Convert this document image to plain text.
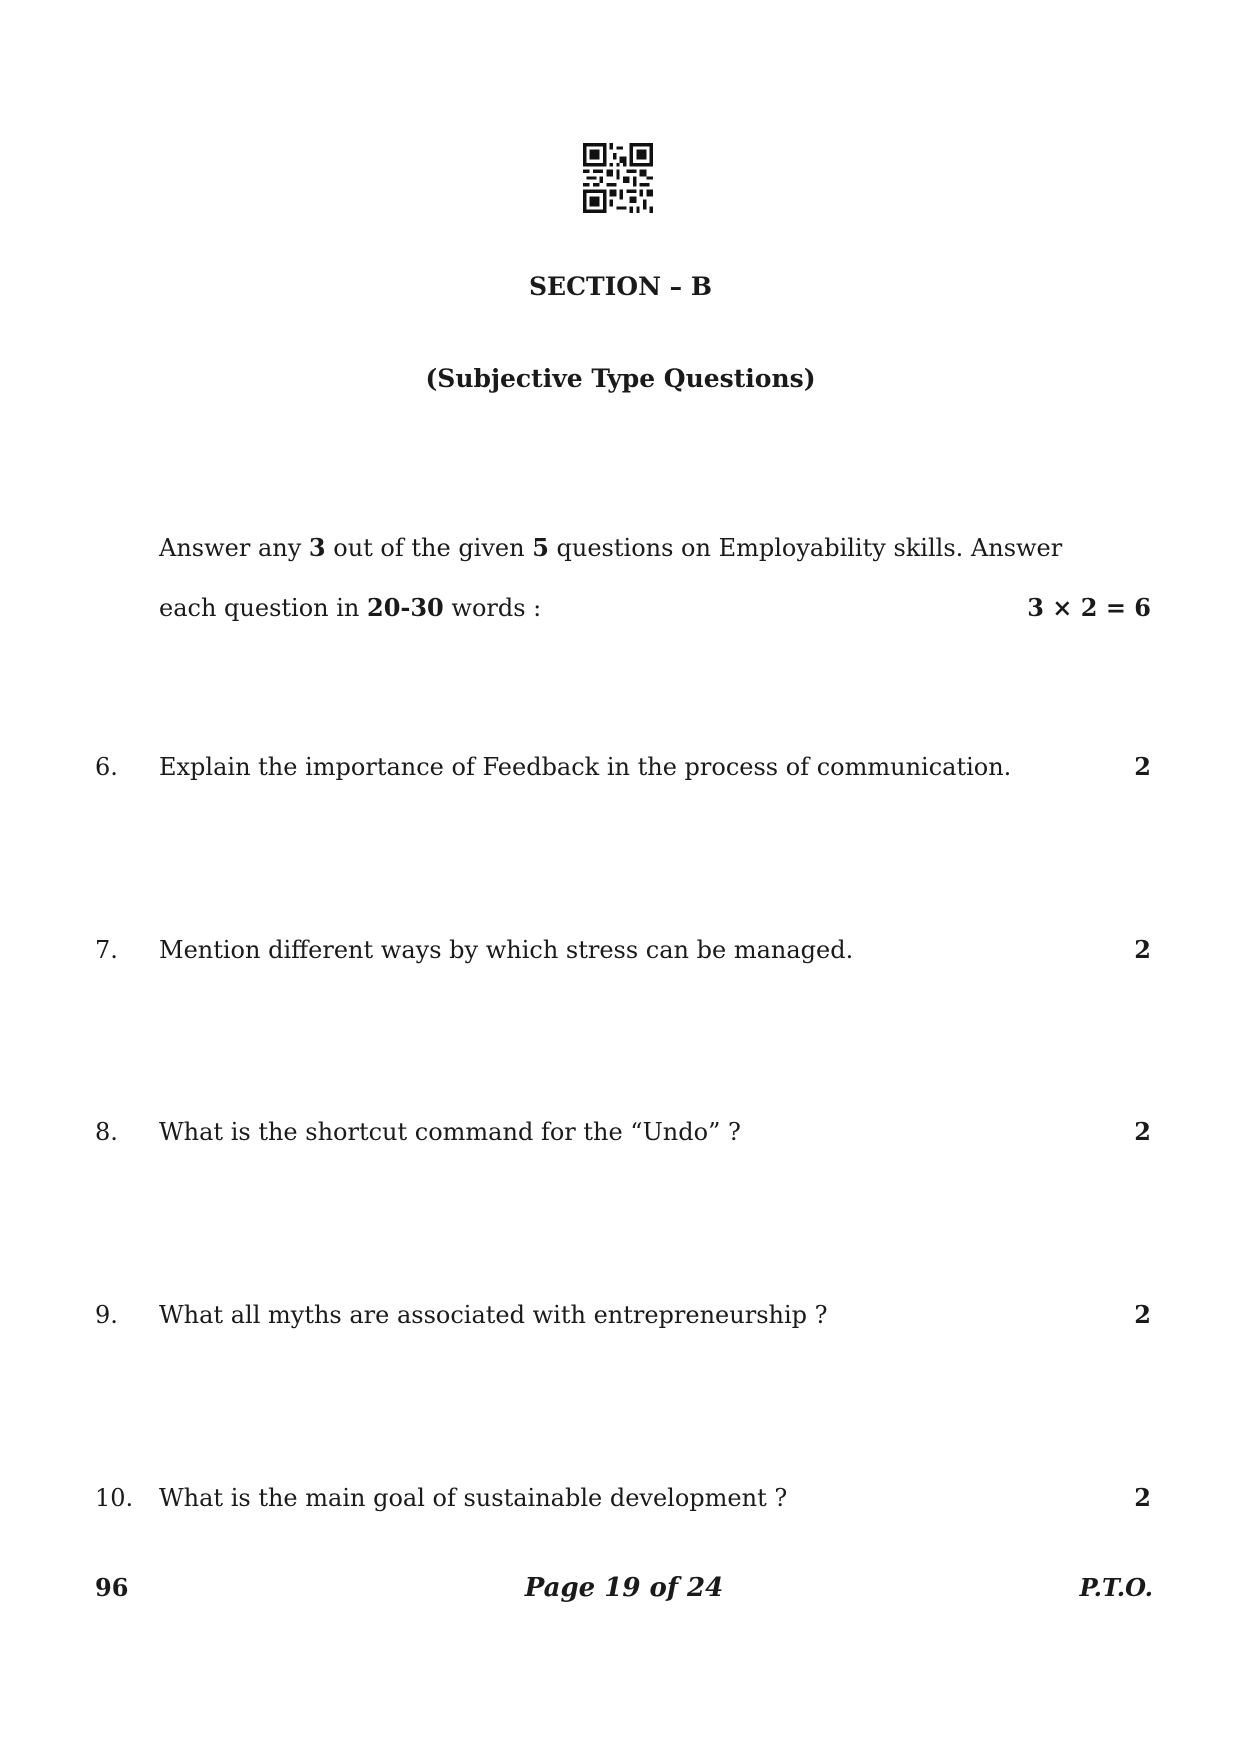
SECTION – B
(Subjective Type Questions)
Answer any 3 out of the given 5 questions on Employability skills. Answer
each question in 20-30 words :	3 × 2 = 6
6.	Explain the importance of Feedback in the process of communication.	2
7.	Mention different ways by which stress can be managed.	2
8.	What is the shortcut command for the “Undo” ?	2
9.	What all myths are associated with entrepreneurship ?	2
10.	What is the main goal of sustainable development ?	2
96	Page 19 of 24	P.T.O.
